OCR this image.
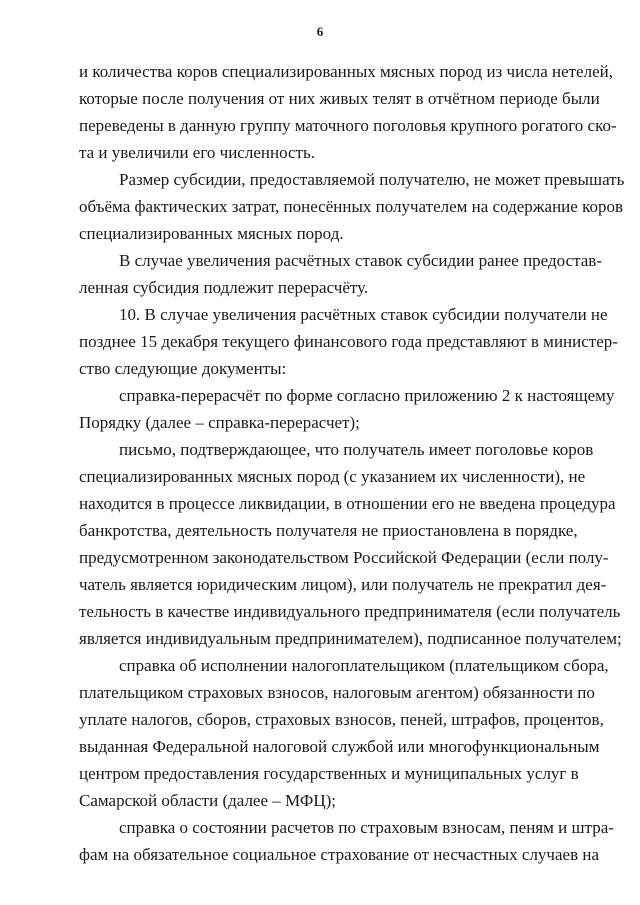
6
и количества коров специализированных мясных пород из числа нетелей,
которые после получения от них живых телят в отчётном периоде были
переведены в данную группу маточного поголовья крупного рогатого ско-
та и увеличили его численность.
Размер субсидии, предоставляемой получателю, не может превышать
объёма фактических затрат, понесённых получателем на содержание коров
специализированных мясных пород.
В случае увеличения расчётных ставок субсидии ранее предостав-
ленная субсидия подлежит перерасчёту.
10. В случае увеличения расчётных ставок субсидии получатели не
позднее 15 декабря текущего финансового года представляют в министер-
ство следующие документы:
справка-перерасчёт по форме согласно приложению 2 к настоящему
Порядку (далее – справка-перерасчет);
письмо, подтверждающее, что получатель имеет поголовье коров
специализированных мясных пород (с указанием их численности), не
находится в процессе ликвидации, в отношении его не введена процедура
банкротства, деятельность получателя не приостановлена в порядке,
предусмотренном законодательством Российской Федерации (если полу-
чатель является юридическим лицом), или получатель не прекратил дея-
тельность в качестве индивидуального предпринимателя (если получатель
является индивидуальным предпринимателем), подписанное получателем;
справка об исполнении налогоплательщиком (плательщиком сбора,
плательщиком страховых взносов, налоговым агентом) обязанности по
уплате налогов, сборов, страховых взносов, пеней, штрафов, процентов,
выданная Федеральной налоговой службой или многофункциональным
центром предоставления государственных и муниципальных услуг в
Самарской области (далее – МФЦ);
справка о состоянии расчетов по страховым взносам, пеням и штра-
фам на обязательное социальное страхование от несчастных случаев на
